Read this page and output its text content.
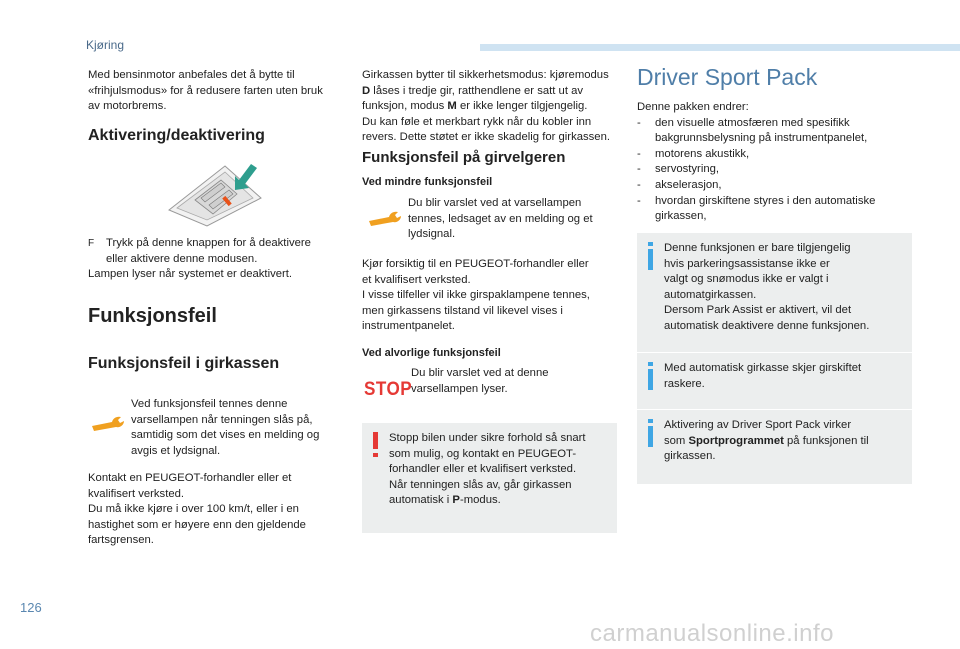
Kjøring

Med bensinmotor anbefales det å bytte til

«frihjulsmodus» for å redusere farten uten bruk

av motorbrems.

Aktivering/deaktivering

F Trykk på denne knappen for å deaktivere

eller aktivere denne modusen.

Lampen lyser når systemet er deaktivert.

Funksjonsfeil
Funksjonsfeil i girkassen

Ved funksjonsfeil tennes denne

varsellampen når tenningen slås på,

samtidig som det vises en melding og

avgis et lydsignal.

Kontakt en PEUGEOT-forhandler eller et

kvalifisert verksted.

Du må ikke kjøre i over 100 km/t, eller i en

hastighet som er høyere enn den gjeldende

fartsgrensen.

Girkassen bytter til sikkerhetsmodus: kjøremodus

D låses i tredje gir, ratthendlene er satt ut av

funksjon, modus M er ikke lenger tilgjengelig.

Du kan føle et merkbart rykk når du kobler inn

revers. Dette støtet er ikke skadelig for girkassen.

Funksjonsfeil på girvelgeren
Ved mindre funksjonsfeil

Du blir varslet ved at varsellampen

tennes, ledsaget av en melding og et

lydsignal.

Kjør forsiktig til en PEUGEOT-forhandler eller

et kvalifisert verksted.

I visse tilfeller vil ikke girspaklampene tennes,

men girkassens tilstand vil likevel vises i

instrumentpanelet.

Ved alvorlige funksjonsfeil
STOP

Du blir varslet ved at denne

varsellampen lyser.

Stopp bilen under sikre forhold så snart

som mulig, og kontakt en PEUGEOT-

forhandler eller et kvalifisert verksted.

Når tenningen slås av, går girkassen

automatisk i P-modus.

Driver Sport Pack

Denne pakken endrer:

- den visuelle atmosfæren med spesifikk
bakgrunnsbelysning på instrumentpanelet,
- motorens akustikk,
- servostyring,
- akselerasjon,
- hvordan girskiftene styres i den automatiske
girkassen,

Denne funksjonen er bare tilgjengelig

hvis parkeringsassistanse ikke er

valgt og snømodus ikke er valgt i

automatgirkassen.

Dersom Park Assist er aktivert, vil det

automatisk deaktivere denne funksjonen.

Med automatisk girkasse skjer girskiftet

raskere.

Aktivering av Driver Sport Pack virker

som Sportprogrammet på funksjonen til

girkassen.

126
carmanualsonline.info
